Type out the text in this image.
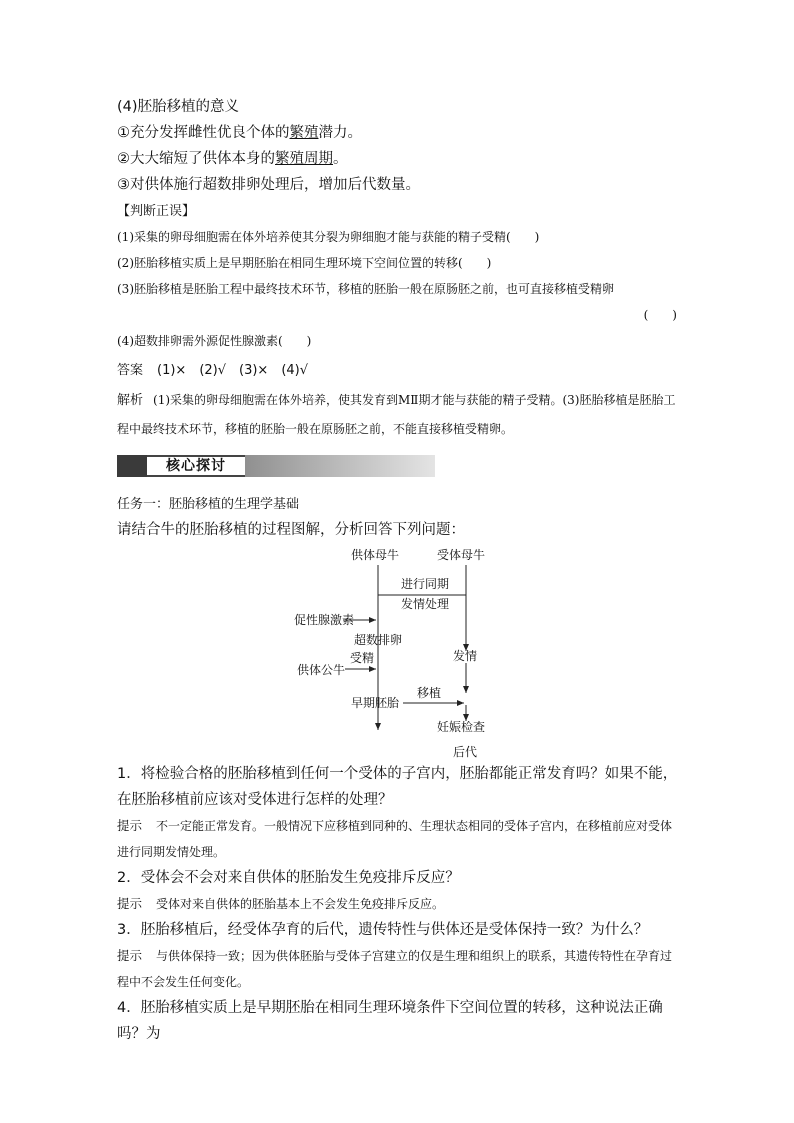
(4)胚胎移植的意义
①充分发挥雌性优良个体的繁殖潜力。
②大大缩短了供体本身的繁殖周期。
③对供体施行超数排卵处理后，增加后代数量。
【判断正误】
(1)采集的卵母细胞需在体外培养使其分裂为卵细胞才能与获能的精子受精(　　)
(2)胚胎移植实质上是早期胚胎在相同生理环境下空间位置的转移(　　)
(3)胚胎移植是胚胎工程中最终技术环节，移植的胚胎一般在原肠胚之前，也可直接移植受精卵
(　　)
(4)超数排卵需外源促性腺激素(　　)
答案 (1)×　(2)√　(3)×　(4)√
解析 (1)采集的卵母细胞需在体外培养，使其发育到MⅡ期才能与获能的精子受精。(3)胚胎移植是胚胎工程中最终技术环节，移植的胚胎一般在原肠胚之前，不能直接移植受精卵。
核心探讨
任务一：胚胎移植的生理学基础
请结合牛的胚胎移植的过程图解，分析回答下列问题：
供体母牛	受体母牛
进行同期
发情处理
促性腺激素
超数排卵
供体公牛
受精	发情
早期胚胎
移植
妊娠检查
后代
1．将检验合格的胚胎移植到任何一个受体的子宫内，胚胎都能正常发育吗？如果不能，在胚胎移植前应该对受体进行怎样的处理？
提示 不一定能正常发育。一般情况下应移植到同种的、生理状态相同的受体子宫内，在移植前应对受体进行同期发情处理。
2．受体会不会对来自供体的胚胎发生免疫排斥反应？
提示 受体对来自供体的胚胎基本上不会发生免疫排斥反应。
3．胚胎移植后，经受体孕育的后代，遗传特性与供体还是受体保持一致？为什么？
提示 与供体保持一致；因为供体胚胎与受体子宫建立的仅是生理和组织上的联系，其遗传特性在孕育过程中不会发生任何变化。
4．胚胎移植实质上是早期胚胎在相同生理环境条件下空间位置的转移，这种说法正确吗？为
